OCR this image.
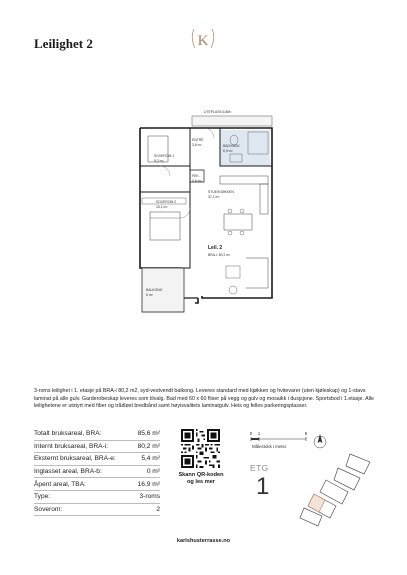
Leilighet 2	K
UTEPLASS 6,8M²
ENTRÉ
3,6 m²	BAD/VASK
6,9 m²
SOVEROM 1
9,2 m²
FEK.
0,6 m²
STUE/KJØKKEN
37,1 m²
SOVEROM 2
16,1 m²
BALKONG
6 m²
Leil. 2
BRA-i: 80,2 m²
3-roms leilighet i 1. etasje på BRA-i 80,2 m2, syd-vestvendt balkong. Leveres standard med kjøkken og hvitevarer (uten kjøleskap) og 1-stavs laminat på alle gulv. Garderobeskap leveres som tilvalg. Bad med 60 x 60 fliser på vegg og gulv og mosaikk i dusjsjone. Sportsbod i 1.etasje. Alle leilighetene er utstyrt med fiber og trådløst bredbånd samt høyisvalitets laminatgulv. Heis og felles parkeringsplasser.
Totalt bruksareal, BRA:	85,6 m²
Internt bruksareal, BRA-i:	80,2 m²
Eksternt bruksareal, BRA-e:	5,4 m²
Inglasset areal, BRA-b:	0 m²
Åpent areal, TBA:	16,9 m²
Type:	3-roms
Soverom:	2
Skann QR-koden
og les mer
0 1	5
Målestokk i meter
ETG
1
karlshusterrasse.no
